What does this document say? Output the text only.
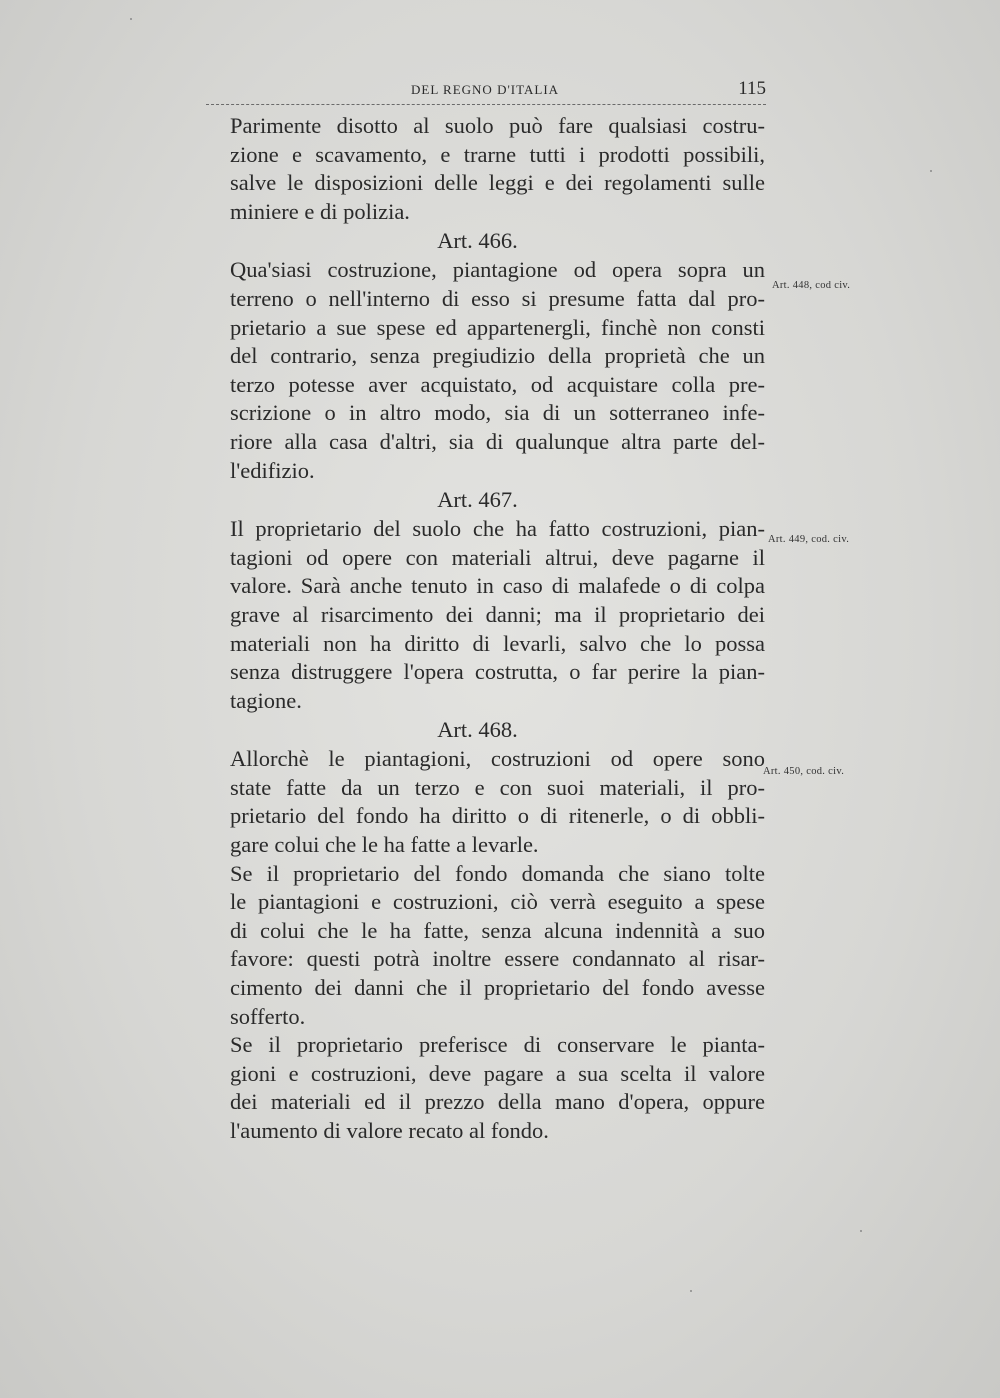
DEL REGNO D'ITALIA	115

Parimente disotto al suolo può fare qualsiasi costru-
zione e scavamento, e trarne tutti i prodotti possibili,
salve le disposizioni delle leggi e dei regolamenti sulle
miniere e di polizia.

Art. 466.

Qua'siasi costruzione, piantagione od opera sopra un
terreno o nell'interno di esso si presume fatta dal pro-
prietario a sue spese ed appartenergli, finchè non consti
del contrario, senza pregiudizio della proprietà che un
terzo potesse aver acquistato, od acquistare colla pre-
scrizione o in altro modo, sia di un sotterraneo infe-
riore alla casa d'altri, sia di qualunque altra parte del-
l'edifizio.

Art. 467.

Il proprietario del suolo che ha fatto costruzioni, pian-
tagioni od opere con materiali altrui, deve pagarne il
valore. Sarà anche tenuto in caso di malafede o di colpa
grave al risarcimento dei danni; ma il proprietario dei
materiali non ha diritto di levarli, salvo che lo possa
senza distruggere l'opera costrutta, o far perire la pian-
tagione.

Art. 468.

Allorchè le piantagioni, costruzioni od opere sono
state fatte da un terzo e con suoi materiali, il pro-
prietario del fondo ha diritto o di ritenerle, o di obbli-
gare colui che le ha fatte a levarle.

Se il proprietario del fondo domanda che siano tolte
le piantagioni e costruzioni, ciò verrà eseguito a spese
di colui che le ha fatte, senza alcuna indennità a suo
favore: questi potrà inoltre essere condannato al risar-
cimento dei danni che il proprietario del fondo avesse
sofferto.

Se il proprietario preferisce di conservare le pianta-
gioni e costruzioni, deve pagare a sua scelta il valore
dei materiali ed il prezzo della mano d'opera, oppure
l'aumento di valore recato al fondo.

Art. 448, cod civ.
Art. 449, cod. civ.
Art. 450, cod. civ.
